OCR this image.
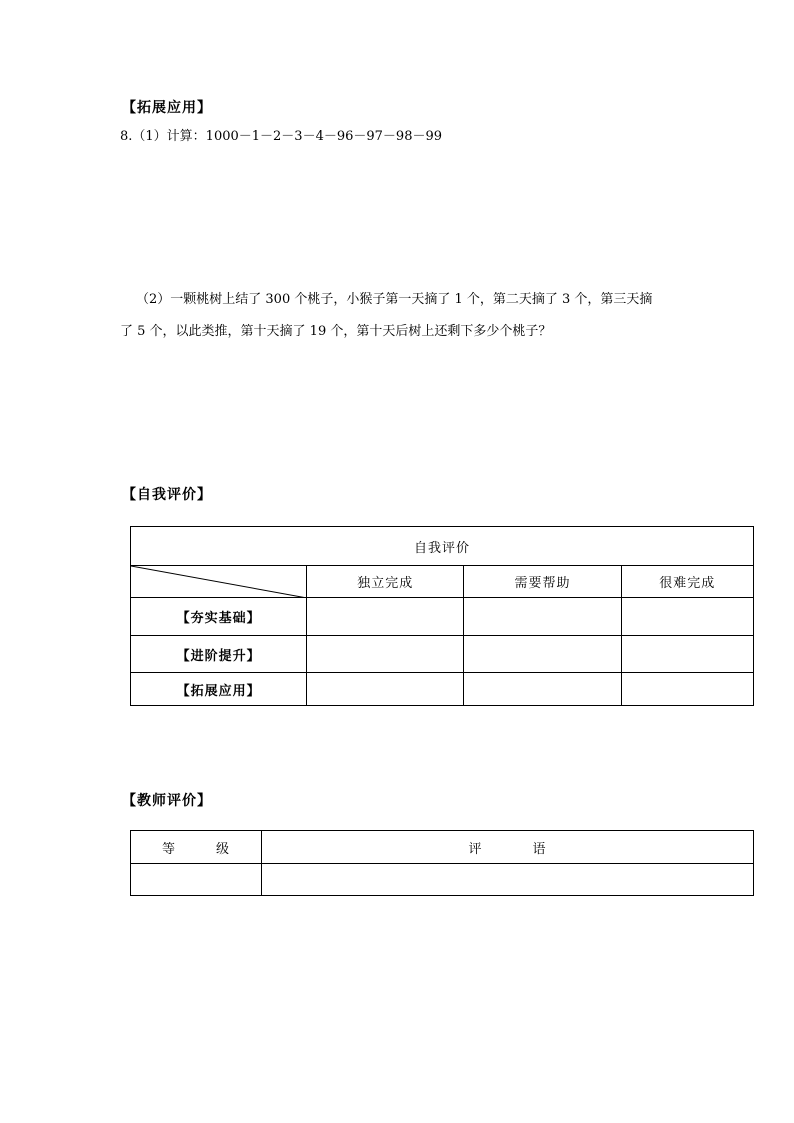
【拓展应用】
8.（1）计算：1000－1－2－3－4－96－97－98－99
（2）一颗桃树上结了 300 个桃子，小猴子第一天摘了 1 个，第二天摘了 3 个，第三天摘
了 5 个，以此类推，第十天摘了 19 个，第十天后树上还剩下多少个桃子？
【自我评价】
自我评价			

	独立完成	需要帮助	很难完成
【夯实基础】			
【进阶提升】			
【拓展应用】			
【教师评价】
等 级	评 语
